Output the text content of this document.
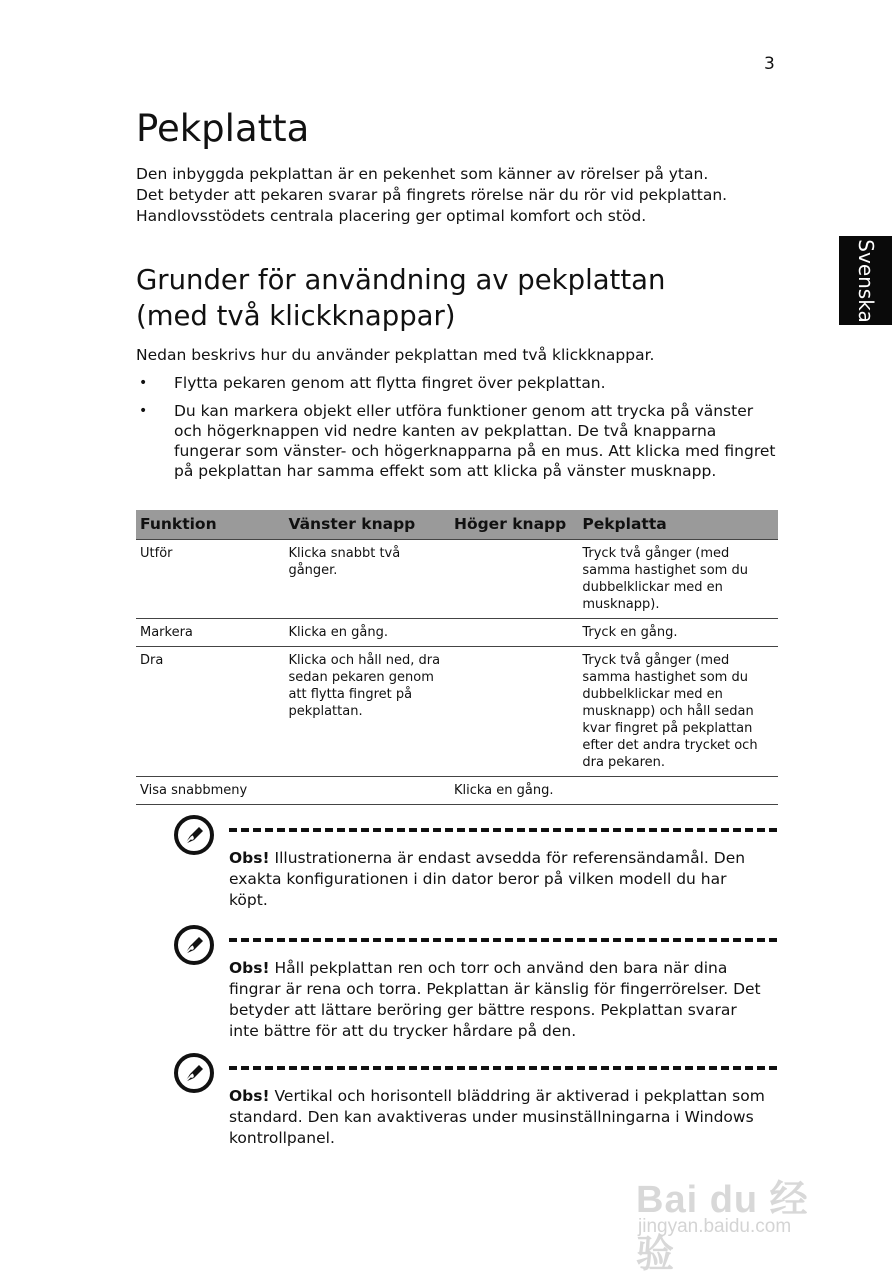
3
Svenska
Pekplatta

Den inbyggda pekplattan är en pekenhet som känner av rörelser på ytan.
Det betyder att pekaren svarar på fingrets rörelse när du rör vid pekplattan.
Handlovsstödets centrala placering ger optimal komfort och stöd.

Grunder för användning av pekplattan
(med två klickknappar)

Nedan beskrivs hur du använder pekplattan med två klickknappar.

• Flytta pekaren genom att flytta fingret över pekplattan.
• Du kan markera objekt eller utföra funktioner genom att trycka på vänster och högerknappen vid nedre kanten av pekplattan. De två knapparna fungerar som vänster- och högerknapparna på en mus. Att klicka med fingret på pekplattan har samma effekt som att klicka på vänster musknapp.
Funktion	Vänster knapp	Höger knapp	Pekplatta
Utför	Klicka snabbt två gånger.		Tryck två gånger (med samma hastighet som du dubbelklickar med en musknapp).
Markera	Klicka en gång.		Tryck en gång.
Dra	Klicka och håll ned, dra sedan pekaren genom att flytta fingret på pekplattan.		Tryck två gånger (med samma hastighet som du dubbelklickar med en musknapp) och håll sedan kvar fingret på pekplattan efter det andra trycket och dra pekaren.
Visa snabbmeny		Klicka en gång.	

Obs! Illustrationerna är endast avsedda för referensändamål. Den exakta konfigurationen i din dator beror på vilken modell du har köpt.

Obs! Håll pekplattan ren och torr och använd den bara när dina fingrar är rena och torra. Pekplattan är känslig för fingerrörelser. Det betyder att lättare beröring ger bättre respons. Pekplattan svarar inte bättre för att du trycker hårdare på den.

Obs! Vertikal och horisontell bläddring är aktiverad i pekplattan som standard. Den kan avaktiveras under musinställningarna i Windows kontrollpanel.

Bai du 经验
jingyan.baidu.com
